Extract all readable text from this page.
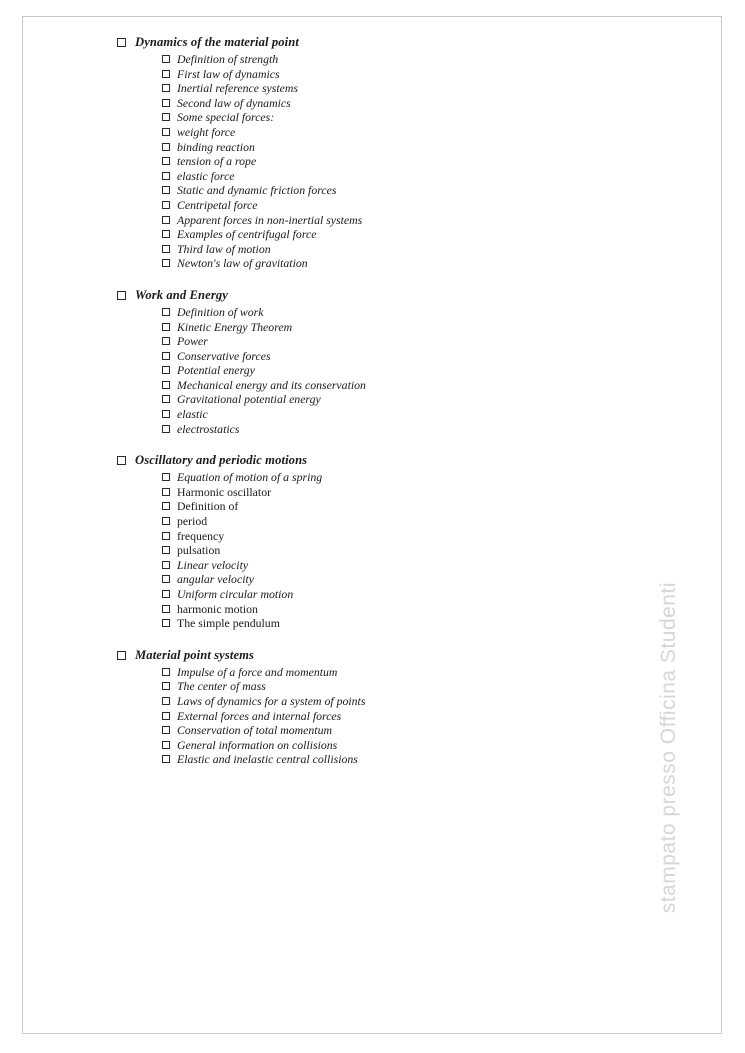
Dynamics of the material point
Definition of strength
First law of dynamics
Inertial reference systems
Second law of dynamics
Some special forces:
weight force
binding reaction
tension of a rope
elastic force
Static and dynamic friction forces
Centripetal force
Apparent forces in non-inertial systems
Examples of centrifugal force
Third law of motion
Newton's law of gravitation
Work and Energy
Definition of work
Kinetic Energy Theorem
Power
Conservative forces
Potential energy
Mechanical energy and its conservation
Gravitational potential energy
elastic
electrostatics
Oscillatory and periodic motions
Equation of motion of a spring
Harmonic oscillator
Definition of
period
frequency
pulsation
Linear velocity
angular velocity
Uniform circular motion
harmonic motion
The simple pendulum
Material point systems
Impulse of a force and momentum
The center of mass
Laws of dynamics for a system of points
External forces and internal forces
Conservation of total momentum
General information on collisions
Elastic and inelastic central collisions	stampato presso Officina Studenti
